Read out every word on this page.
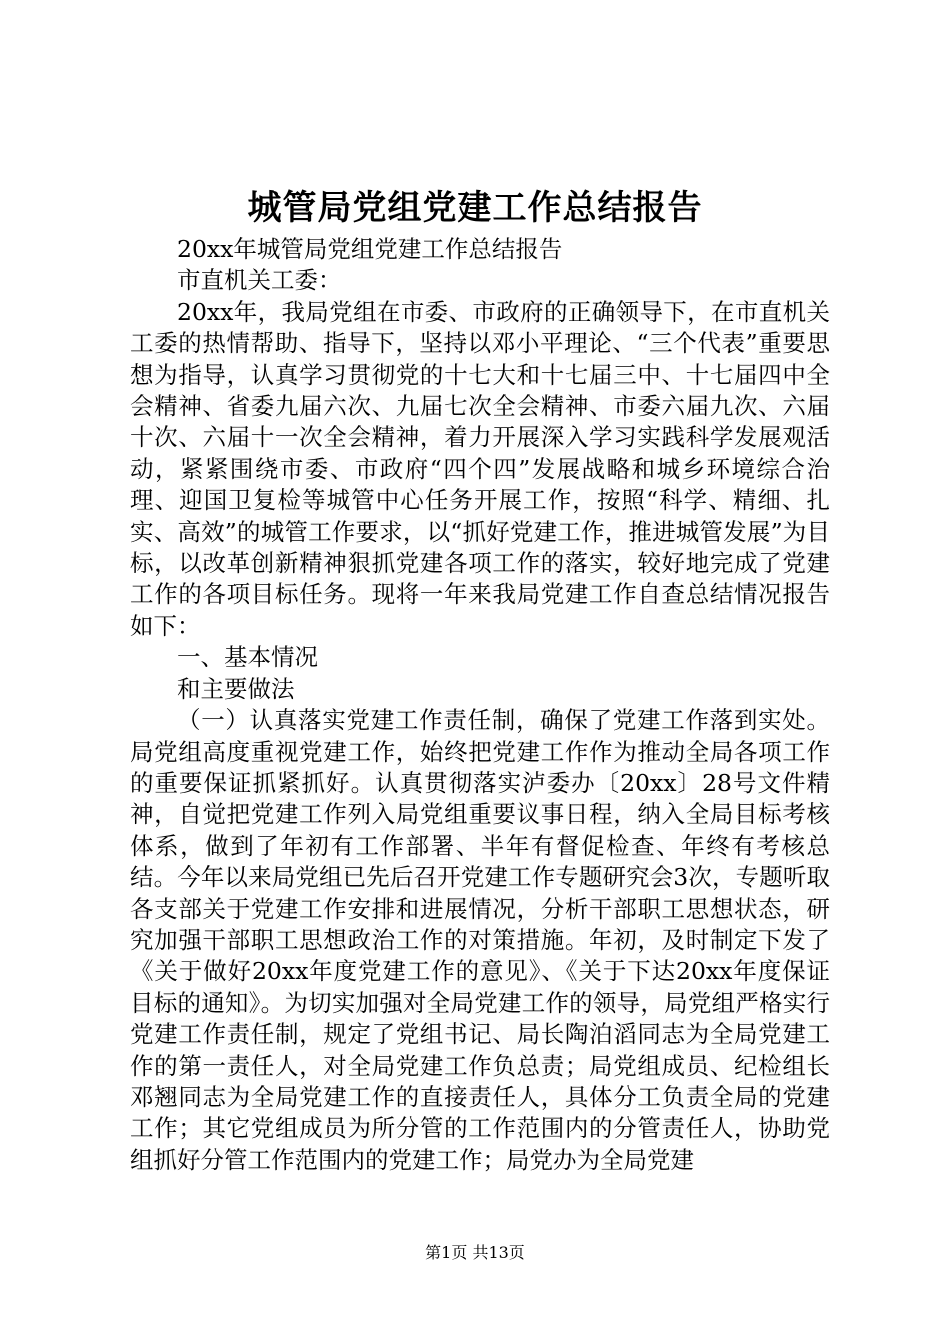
城管局党组党建工作总结报告

20xx年城管局党组党建工作总结报告

市直机关工委：

20xx年，我局党组在市委、市政府的正确领导下，在市直机关工委的热情帮助、指导下，坚持以邓小平理论、“三个代表”重要思想为指导，认真学习贯彻党的十七大和十七届三中、十七届四中全会精神、省委九届六次、九届七次全会精神、市委六届九次、六届十次、六届十一次全会精神，着力开展深入学习实践科学发展观活动，紧紧围绕市委、市政府“四个四”发展战略和城乡环境综合治理、迎国卫复检等城管中心任务开展工作，按照“科学、精细、扎实、高效”的城管工作要求，以“抓好党建工作，推进城管发展”为目标，以改革创新精神狠抓党建各项工作的落实，较好地完成了党建工作的各项目标任务。现将一年来我局党建工作自查总结情况报告如下：

一、基本情况

和主要做法

（一）认真落实党建工作责任制，确保了党建工作落到实处。局党组高度重视党建工作，始终把党建工作作为推动全局各项工作的重要保证抓紧抓好。认真贯彻落实泸委办〔20xx〕28号文件精神，自觉把党建工作列入局党组重要议事日程，纳入全局目标考核体系，做到了年初有工作部署、半年有督促检查、年终有考核总结。今年以来局党组已先后召开党建工作专题研究会3次，专题听取各支部关于党建工作安排和进展情况，分析干部职工思想状态，研究加强干部职工思想政治工作的对策措施。年初，及时制定下发了《关于做好20xx年度党建工作的意见》、《关于下达20xx年度保证目标的通知》。为切实加强对全局党建工作的领导，局党组严格实行党建工作责任制，规定了党组书记、局长陶泊滔同志为全局党建工作的第一责任人，对全局党建工作负总责；局党组成员、纪检组长邓翘同志为全局党建工作的直接责任人，具体分工负责全局的党建工作；其它党组成员为所分管的工作范围内的分管责任人，协助党组抓好分管工作范围内的党建工作；局党办为全局党建

第1页 共13页
